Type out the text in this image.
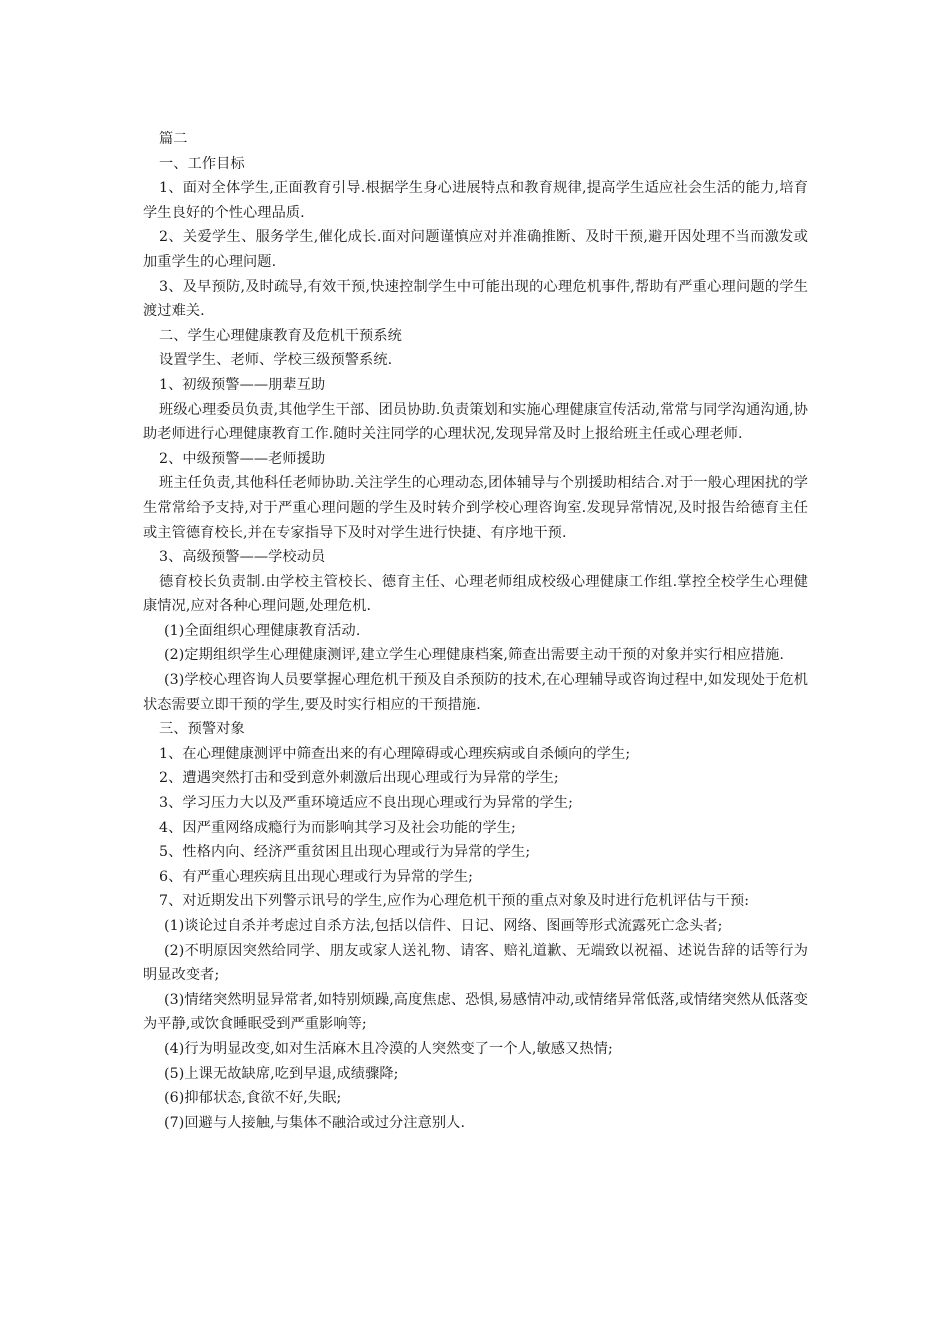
篇二

一、工作目标

1、面对全体学生,正面教育引导.根据学生身心进展特点和教育规律,提高学生适应社会生活的能力,培育学生良好的个性心理品质.

2、关爱学生、服务学生,催化成长.面对问题谨慎应对并准确推断、及时干预,避开因处理不当而激发或加重学生的心理问题.

3、及早预防,及时疏导,有效干预,快速控制学生中可能出现的心理危机事件,帮助有严重心理问题的学生渡过难关.

二、学生心理健康教育及危机干预系统

设置学生、老师、学校三级预警系统.

1、初级预警——朋辈互助

班级心理委员负责,其他学生干部、团员协助.负责策划和实施心理健康宣传活动,常常与同学沟通沟通,协助老师进行心理健康教育工作.随时关注同学的心理状况,发现异常及时上报给班主任或心理老师.

2、中级预警——老师援助

班主任负责,其他科任老师协助.关注学生的心理动态,团体辅导与个别援助相结合.对于一般心理困扰的学生常常给予支持,对于严重心理问题的学生及时转介到学校心理咨询室.发现异常情况,及时报告给德育主任或主管德育校长,并在专家指导下及时对学生进行快捷、有序地干预.

3、高级预警——学校动员

德育校长负责制.由学校主管校长、德育主任、心理老师组成校级心理健康工作组.掌控全校学生心理健康情况,应对各种心理问题,处理危机.

(1)全面组织心理健康教育活动.

(2)定期组织学生心理健康测评,建立学生心理健康档案,筛查出需要主动干预的对象并实行相应措施.

(3)学校心理咨询人员要掌握心理危机干预及自杀预防的技术,在心理辅导或咨询过程中,如发现处于危机状态需要立即干预的学生,要及时实行相应的干预措施.

三、预警对象

1、在心理健康测评中筛查出来的有心理障碍或心理疾病或自杀倾向的学生;

2、遭遇突然打击和受到意外刺激后出现心理或行为异常的学生;

3、学习压力大以及严重环境适应不良出现心理或行为异常的学生;

4、因严重网络成瘾行为而影响其学习及社会功能的学生;

5、性格内向、经济严重贫困且出现心理或行为异常的学生;

6、有严重心理疾病且出现心理或行为异常的学生;

7、对近期发出下列警示讯号的学生,应作为心理危机干预的重点对象及时进行危机评估与干预:

(1)谈论过自杀并考虑过自杀方法,包括以信件、日记、网络、图画等形式流露死亡念头者;

(2)不明原因突然给同学、朋友或家人送礼物、请客、赔礼道歉、无端致以祝福、述说告辞的话等行为明显改变者;

(3)情绪突然明显异常者,如特别烦躁,高度焦虑、恐惧,易感情冲动,或情绪异常低落,或情绪突然从低落变为平静,或饮食睡眠受到严重影响等;

(4)行为明显改变,如对生活麻木且冷漠的人突然变了一个人,敏感又热情;

(5)上课无故缺席,吃到早退,成绩骤降;

(6)抑郁状态,食欲不好,失眠;

(7)回避与人接触,与集体不融洽或过分注意别人.
